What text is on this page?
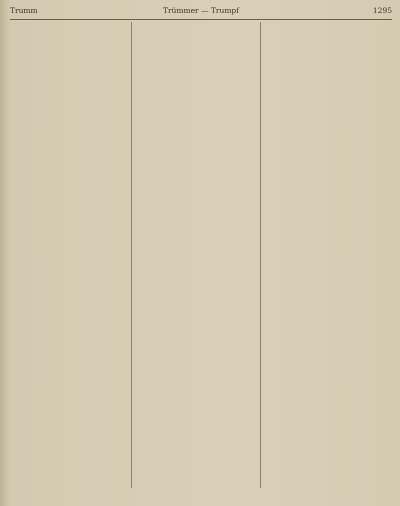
Trumm	Trümmer — Trumpf	1295
